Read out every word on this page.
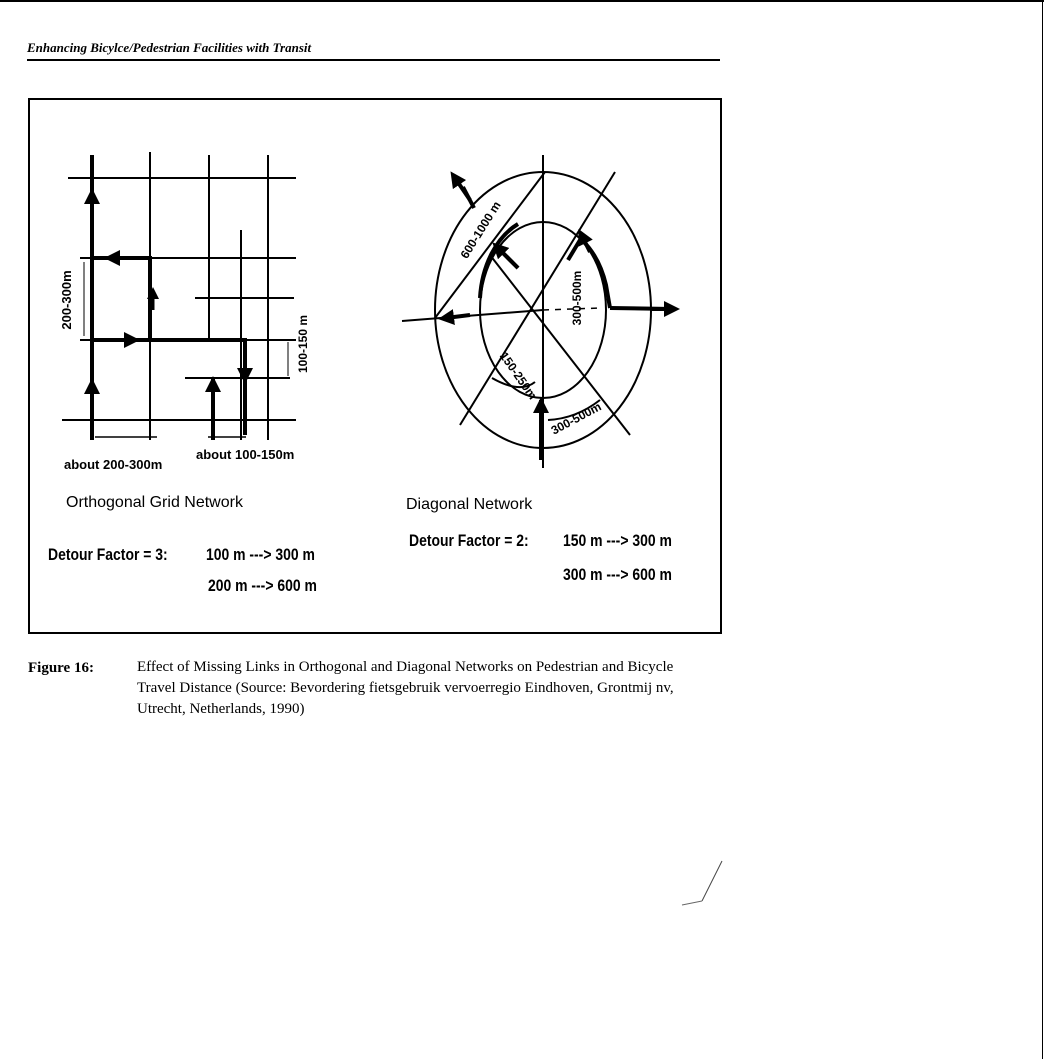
Enhancing Bicylce/Pedestrian Facilities with Transit
200-300m
100-150 m
600-1000 m
300-500m
150-250m
300-500m
about 200-300m
about 100-150m
Orthogonal Grid Network	Diagonal Network
Detour Factor = 3: 100 m ---> 300 m
200 m ---> 600 m
Detour Factor = 2: 150 m ---> 300 m
300 m ---> 600 m
Figure 16:	Effect of Missing Links in Orthogonal and Diagonal Networks on Pedestrian and Bicycle Travel Distance (Source: Bevordering fietsgebruik vervoerregio Eindhoven, Grontmij nv, Utrecht, Netherlands, 1990)
